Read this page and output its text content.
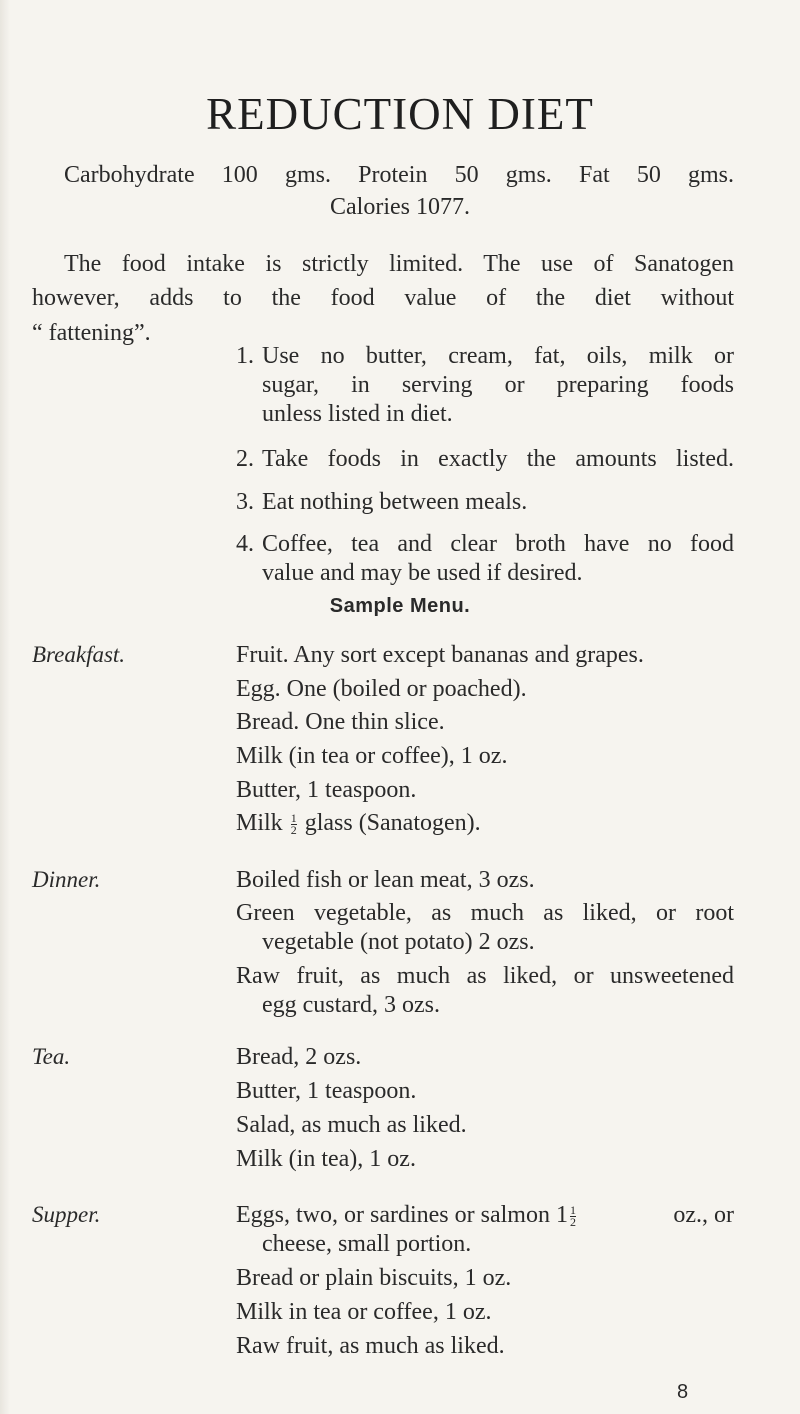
REDUCTION DIET
Carbohydrate 100 gms. Protein 50 gms. Fat 50 gms.
Calories 1077.
The food intake is strictly limited. The use of Sanatogen
however, adds to the food value of the diet without
“ fattening”.
1. Use no butter, cream, fat, oils, milk or
sugar, in serving or preparing foods
unless listed in diet.
2. Take foods in exactly the amounts listed.
3. Eat nothing between meals.
4. Coffee, tea and clear broth have no food
value and may be used if desired.
Sample Menu.
Breakfast.	Fruit. Any sort except bananas and grapes.
Egg. One (boiled or poached).
Bread. One thin slice.
Milk (in tea or coffee), 1 oz.
Butter, 1 teaspoon.
Milk $\frac{1}{2}$ glass (Sanatogen).
Dinner.	Boiled fish or lean meat, 3 ozs.
Green vegetable, as much as liked, or root
vegetable (not potato) 2 ozs.
Raw fruit, as much as liked, or unsweetened
egg custard, 3 ozs.
Tea.	Bread, 2 ozs.
Butter, 1 teaspoon.
Salad, as much as liked.
Milk (in tea), 1 oz.
Supper.	Eggs, two, or sardines or salmon $1 \frac{1}{2}$	oz., or
cheese, small portion.
Bread or plain biscuits, 1 oz.
Milk in tea or coffee, 1 oz.
Raw fruit, as much as liked.
8
